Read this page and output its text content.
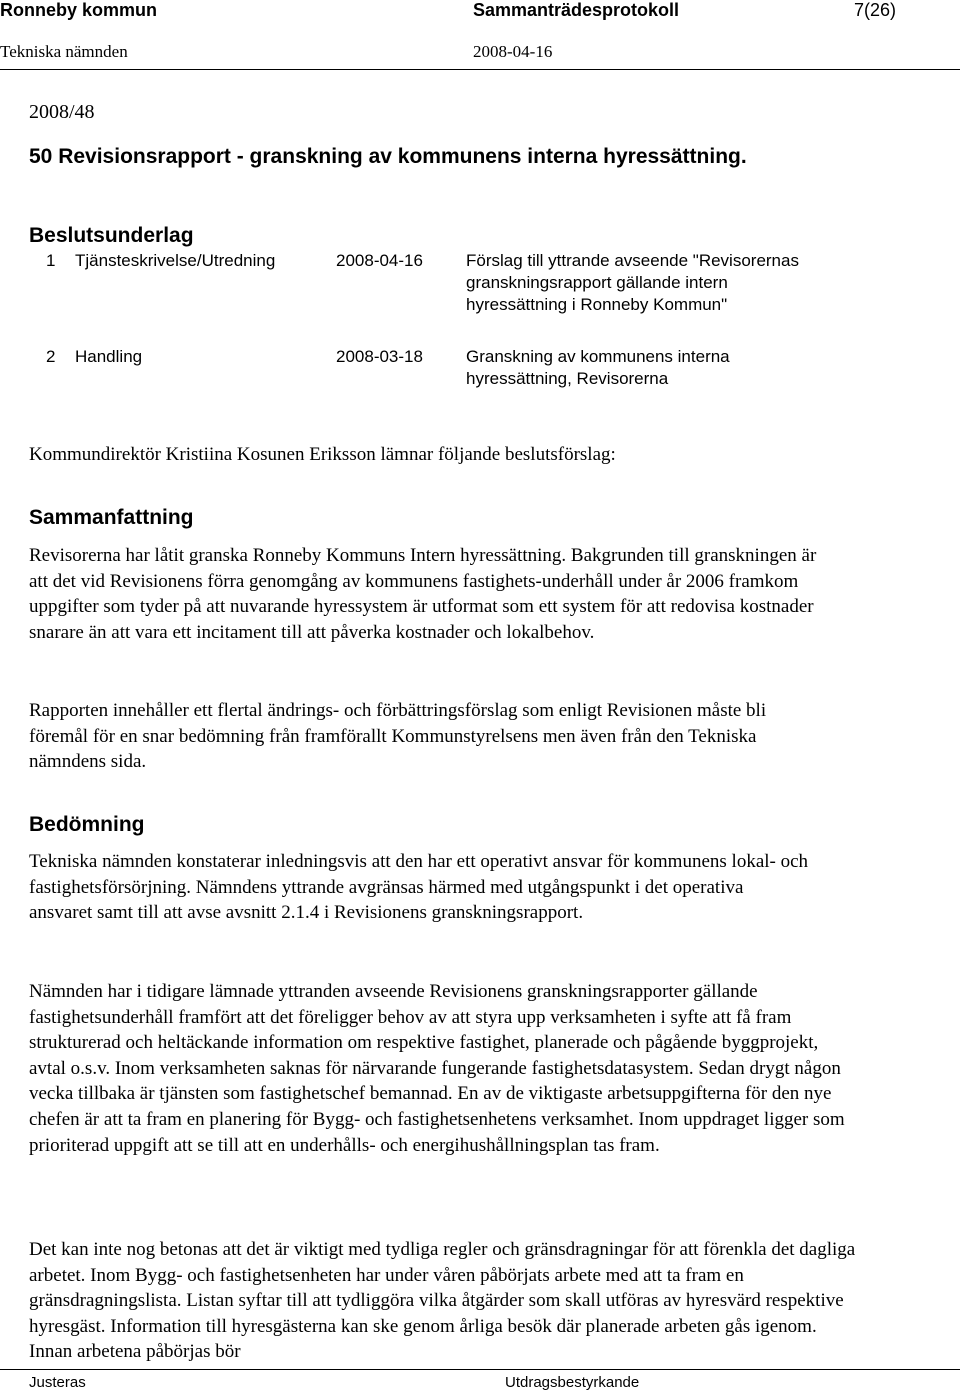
Ronneby kommun	Sammanträdesprotokoll	7(26)
Tekniska nämnden	2008-04-16
2008/48
50 Revisionsrapport - granskning av kommunens interna hyressättning.
Beslutsunderlag
1 Tjänsteskrivelse/Utredning	2008-04-16	Förslag till yttrande avseende "Revisorernas granskningsrapport gällande intern hyressättning i Ronneby Kommun"
2 Handling	2008-03-18	Granskning av kommunens interna hyressättning, Revisorerna
Kommundirektör Kristiina Kosunen Eriksson lämnar följande beslutsförslag:
Sammanfattning
Revisorerna har låtit granska Ronneby Kommuns Intern hyressättning. Bakgrunden till granskningen är att det vid Revisionens förra genomgång av kommunens fastighets-underhåll under år 2006 framkom uppgifter som tyder på att nuvarande hyressystem är utformat som ett system för att redovisa kostnader snarare än att vara ett incitament till att påverka kostnader och lokalbehov.
Rapporten innehåller ett flertal ändrings- och förbättringsförslag som enligt Revisionen måste bli föremål för en snar bedömning från framförallt Kommunstyrelsens men även från den Tekniska nämndens sida.
Bedömning
Tekniska nämnden konstaterar inledningsvis att den har ett operativt ansvar för kommunens lokal- och fastighetsförsörjning. Nämndens yttrande avgränsas härmed med utgångspunkt i det operativa ansvaret samt till att avse avsnitt 2.1.4 i Revisionens granskningsrapport.
Nämnden har i tidigare lämnade yttranden avseende Revisionens granskningsrapporter gällande fastighetsunderhåll framfört att det föreligger behov av att styra upp verksamheten i syfte att få fram strukturerad och heltäckande information om respektive fastighet, planerade och pågående byggprojekt, avtal o.s.v. Inom verksamheten saknas för närvarande fungerande fastighetsdatasystem. Sedan drygt någon vecka tillbaka är tjänsten som fastighetschef bemannad. En av de viktigaste arbetsuppgifterna för den nye chefen är att ta fram en planering för Bygg- och fastighetsenhetens verksamhet. Inom uppdraget ligger som prioriterad uppgift att se till att en underhålls- och energihushållningsplan tas fram.
Det kan inte nog betonas att det är viktigt med tydliga regler och gränsdragningar för att förenkla det dagliga arbetet. Inom Bygg- och fastighetsenheten har under våren påbörjats arbete med att ta fram en gränsdragningslista. Listan syftar till att tydliggöra vilka åtgärder som skall utföras av hyresvärd respektive hyresgäst. Information till hyresgästerna kan ske genom årliga besök där planerade arbeten gås igenom. Innan arbetena påbörjas bör
Justeras	Utdragsbestyrkande
